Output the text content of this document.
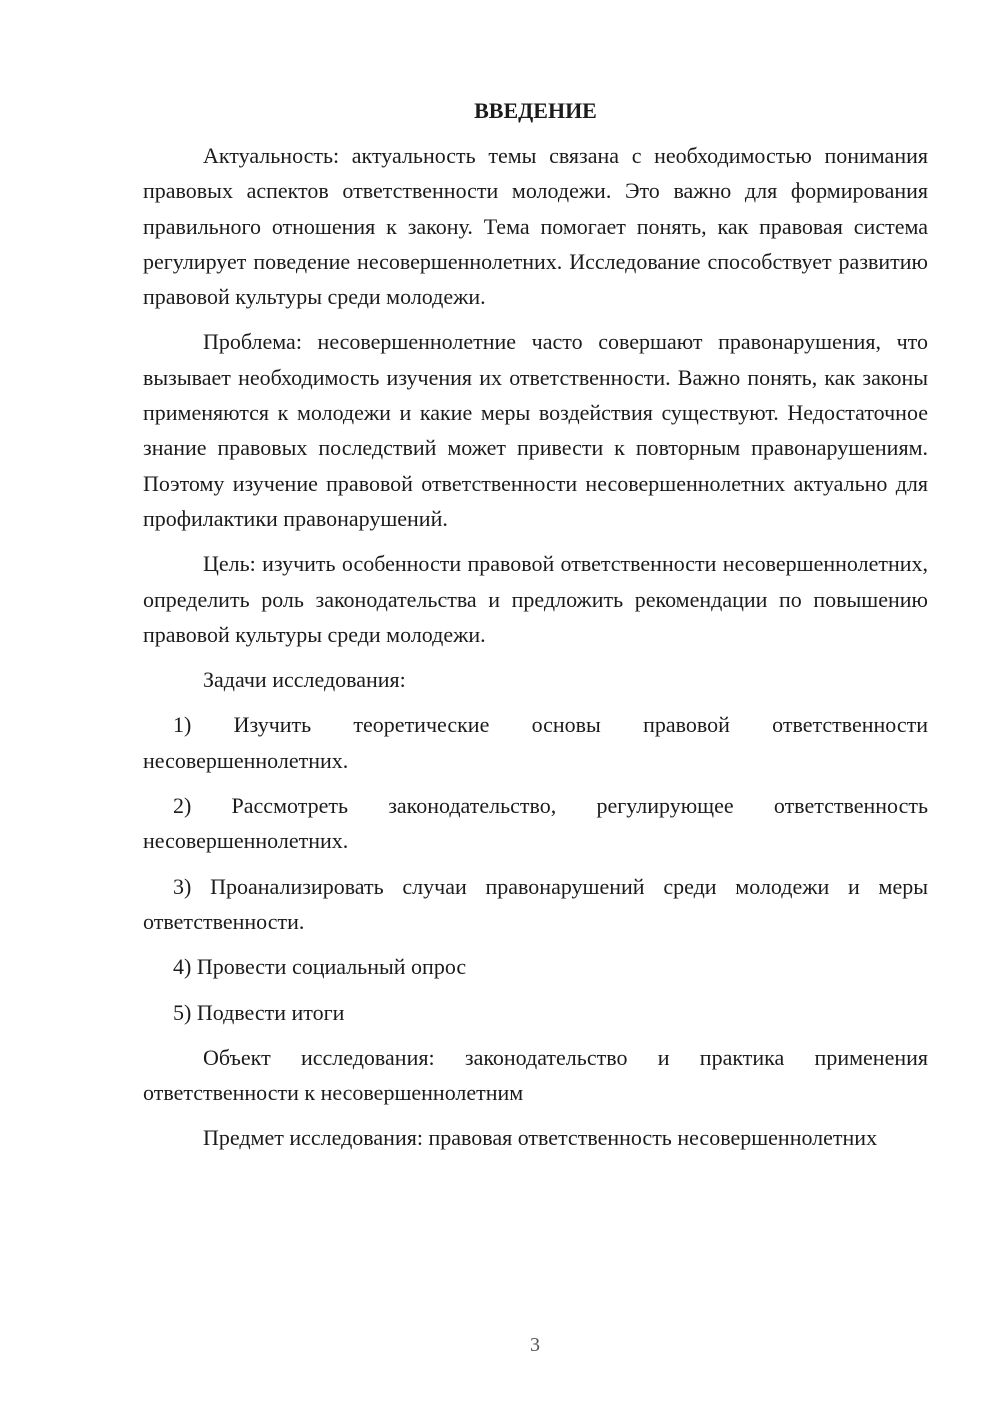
ВВЕДЕНИЕ

Актуальность: актуальность темы связана с необходимостью понимания правовых аспектов ответственности молодежи. Это важно для формирования правильного отношения к закону. Тема помогает понять, как правовая система регулирует поведение несовершеннолетних. Исследование способствует развитию правовой культуры среди молодежи.

Проблема: несовершеннолетние часто совершают правонарушения, что вызывает необходимость изучения их ответственности. Важно понять, как законы применяются к молодежи и какие меры воздействия существуют. Недостаточное знание правовых последствий может привести к повторным правонарушениям. Поэтому изучение правовой ответственности несовершеннолетних актуально для профилактики правонарушений.

Цель: изучить особенности правовой ответственности несовершеннолетних, определить роль законодательства и предложить рекомендации по повышению правовой культуры среди молодежи.

Задачи исследования:

1) Изучить теоретические основы правовой ответственности несовершеннолетних.

2) Рассмотреть законодательство, регулирующее ответственность несовершеннолетних.

3) Проанализировать случаи правонарушений среди молодежи и меры ответственности.

4) Провести социальный опрос

5) Подвести итоги

Объект исследования: законодательство и практика применения ответственности к несовершеннолетним

Предмет исследования: правовая ответственность несовершеннолетних

3
